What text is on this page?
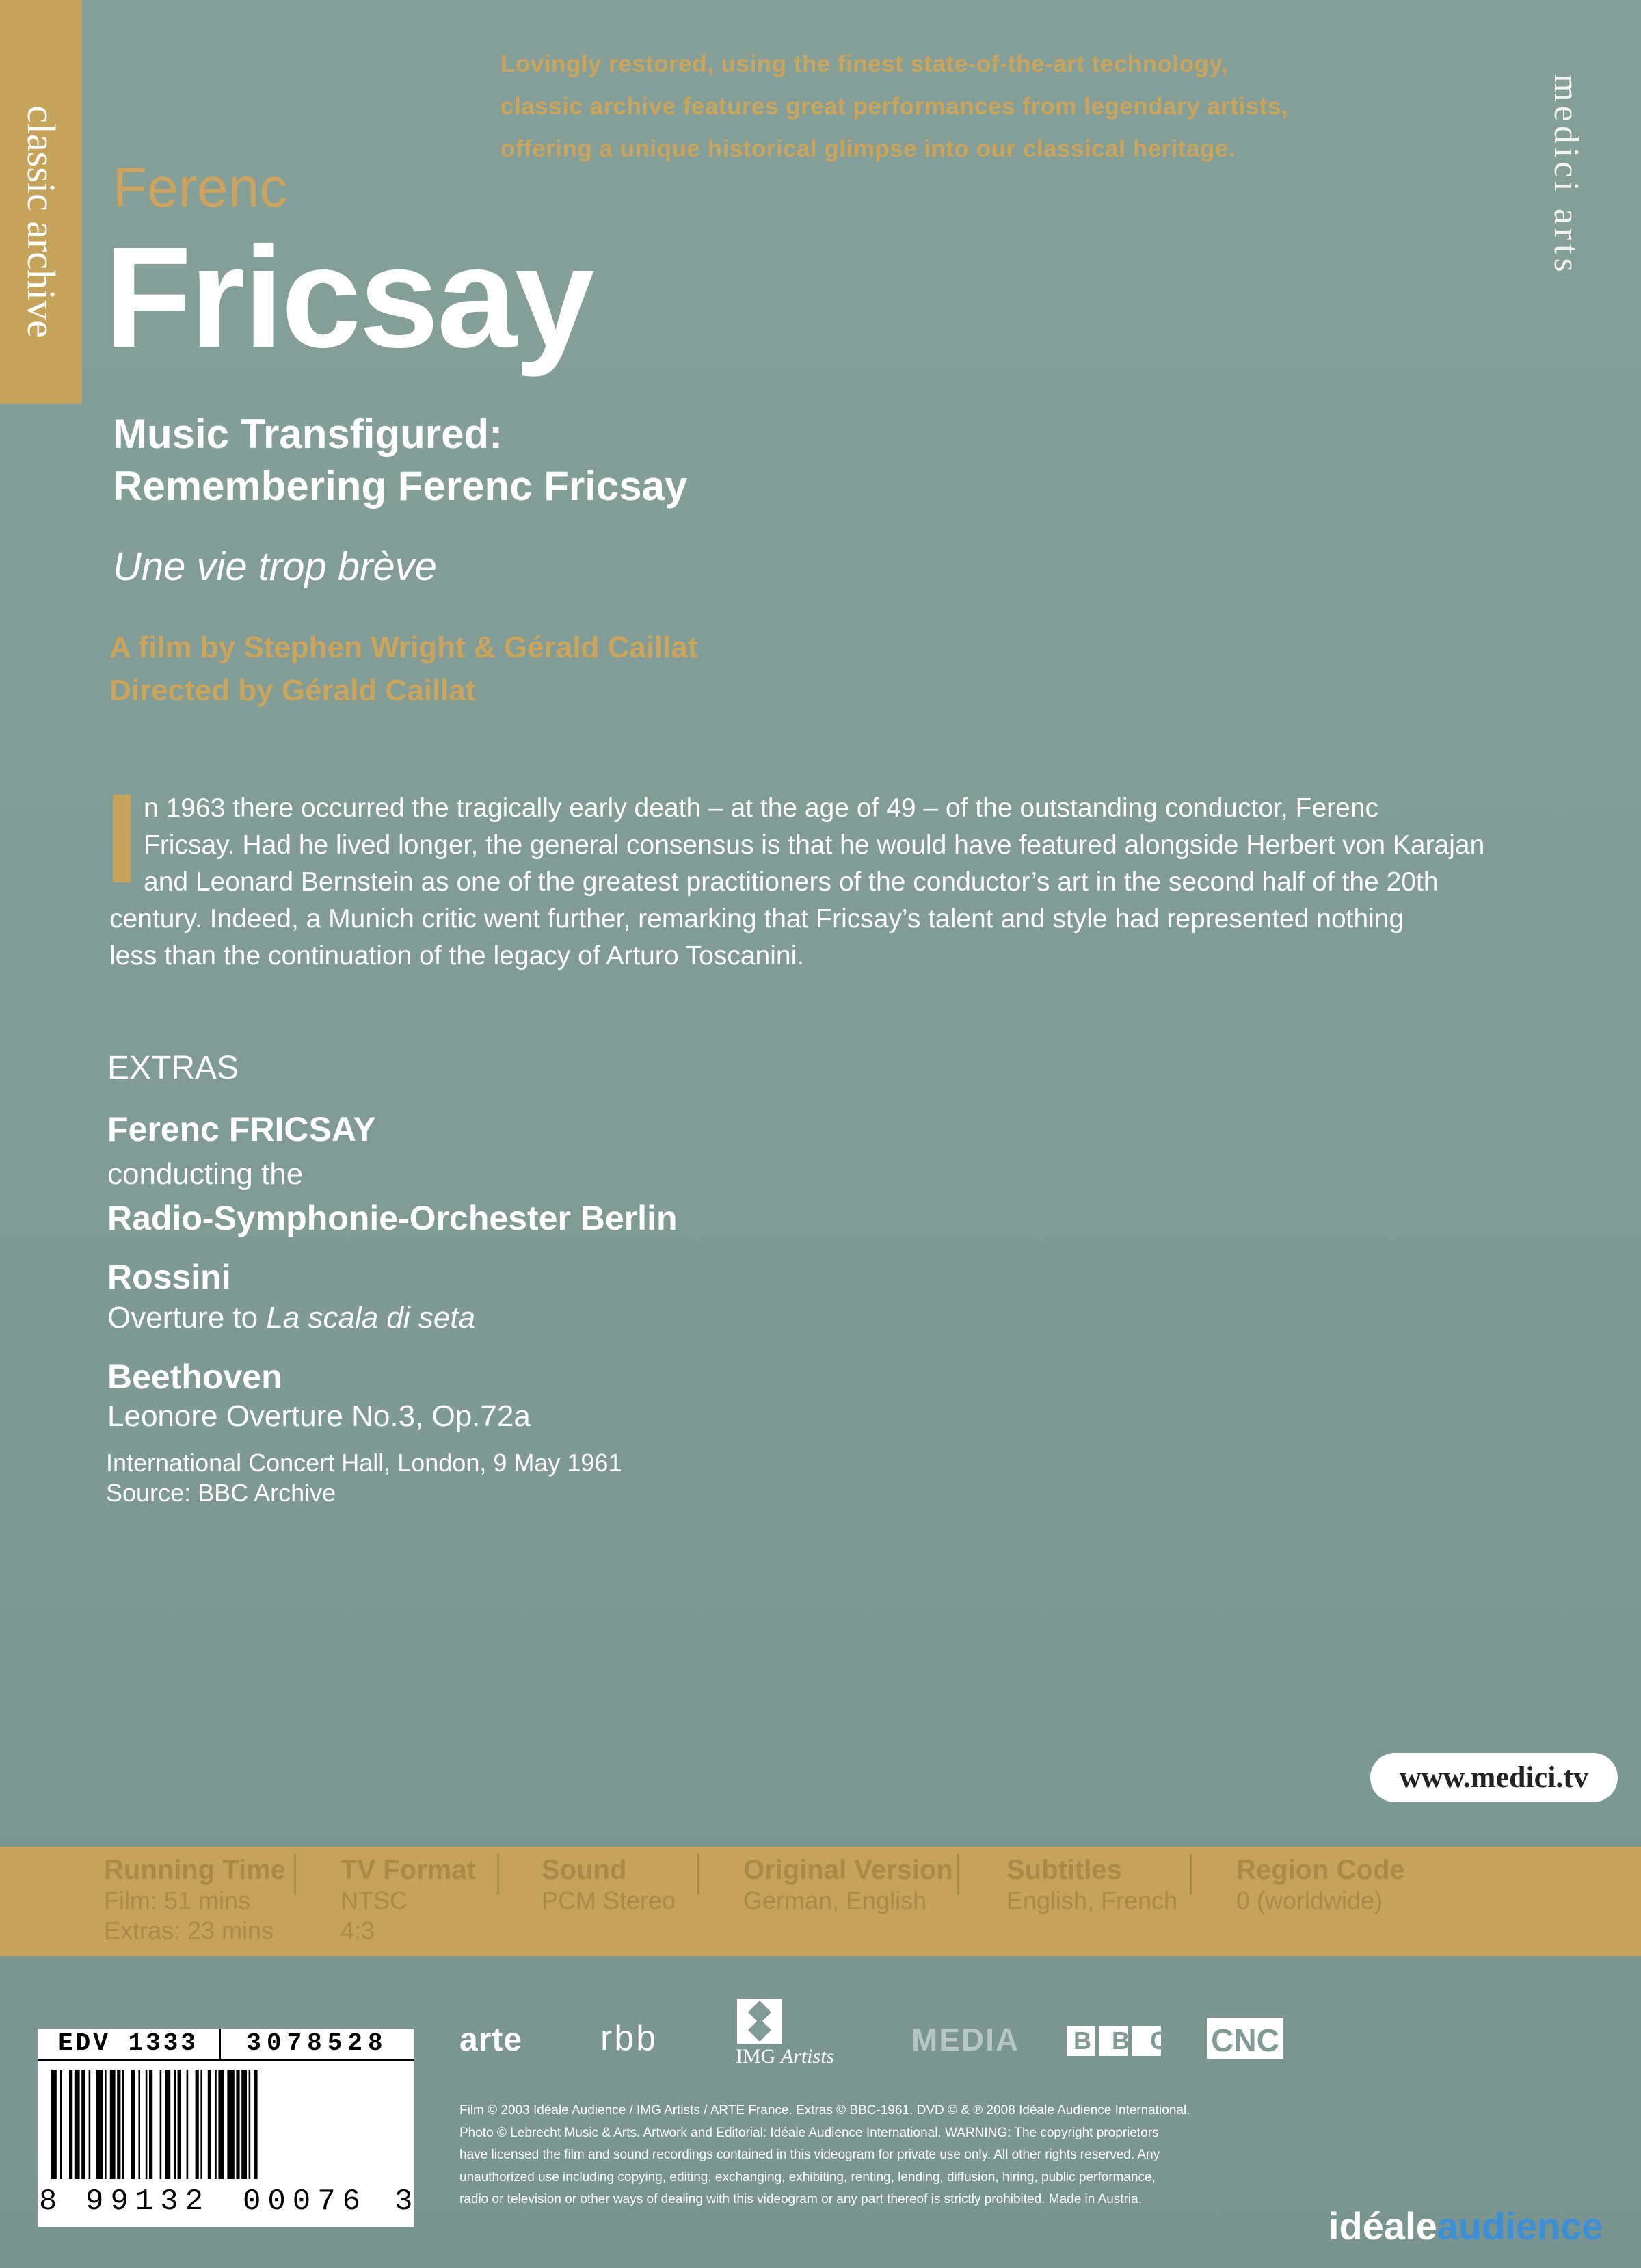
classic archive	medici arts
Lovingly restored, using the finest state-of-the-art technology,
classic archive features great performances from legendary artists,
offering a unique historical glimpse into our classical heritage.
Ferenc
Fricsay
Music Transfigured:
Remembering Ferenc Fricsay
Une vie trop brève
A film by Stephen Wright & Gérald Caillat
Directed by Gérald Caillat
n 1963 there occurred the tragically early death – at the age of 49 – of the outstanding conductor, Ferenc
Fricsay. Had he lived longer, the general consensus is that he would have featured alongside Herbert von Karajan
and Leonard Bernstein as one of the greatest practitioners of the conductor’s art in the second half of the 20th
century. Indeed, a Munich critic went further, remarking that Fricsay’s talent and style had represented nothing
less than the continuation of the legacy of Arturo Toscanini.
EXTRAS
Ferenc FRICSAY
conducting the
Radio-Symphonie-Orchester Berlin
Rossini
Overture to La scala di seta
Beethoven
Leonore Overture No.3, Op.72a
International Concert Hall, London, 9 May 1961
Source: BBC Archive
www.medici.tv
Running Time
Film: 51 mins
Extras: 23 mins
TV Format
NTSC
4:3
Sound
PCM Stereo
Original Version
German, English
Subtitles
English, French
Region Code
0 (worldwide)
EDV 1333	3078528
8 99132 00076 3
arte rbb	IMG Artists MEDIA BBC CNC
Film © 2003 Idéale Audience / IMG Artists / ARTE France. Extras © BBC-1961. DVD © & ℗ 2008 Idéale Audience International.
Photo © Lebrecht Music & Arts. Artwork and Editorial: Idéale Audience International. WARNING: The copyright proprietors
have licensed the film and sound recordings contained in this videogram for private use only. All other rights reserved. Any
unauthorized use including copying, editing, exchanging, exhibiting, renting, lending, diffusion, hiring, public performance,
radio or television or other ways of dealing with this videogram or any part thereof is strictly prohibited. Made in Austria.
idéaleaudience
